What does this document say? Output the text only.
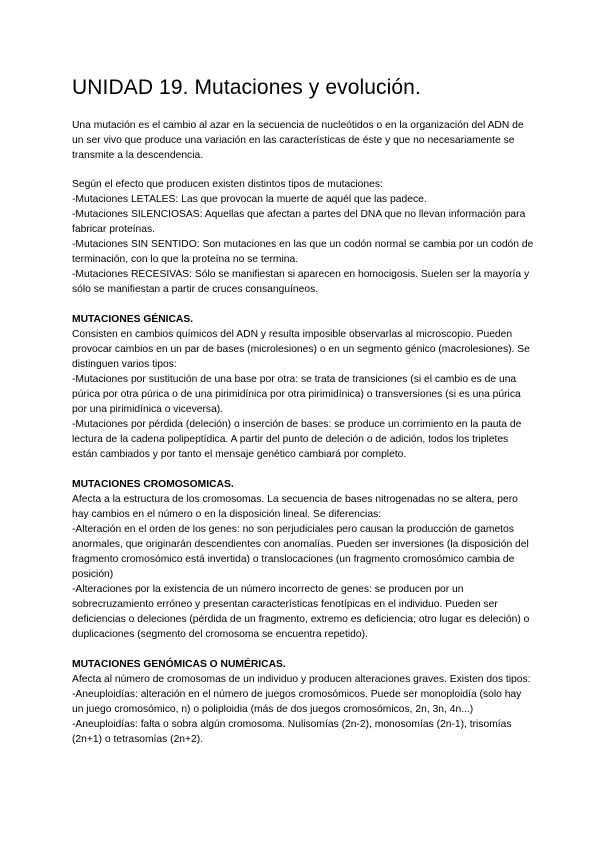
UNIDAD 19. Mutaciones y evolución.

Una mutación es el cambio al azar en la secuencia de nucleótidos o en la organización del ADN de un ser vivo que produce una variación en las características de éste y que no necesariamente se transmite a la descendencia.

Según el efecto que producen existen distintos tipos de mutaciones:

-Mutaciones LETALES: Las que provocan la muerte de aquél que las padece.

-Mutaciones SILENCIOSAS: Aquellas que afectan a partes del DNA que no llevan información para fabricar proteínas.

-Mutaciones SIN SENTIDO: Son mutaciones en las que un codón normal se cambia por un codón de terminación, con lo que la proteína no se termina.

-Mutaciones RECESIVAS: Sólo se manifiestan si aparecen en homocigosis. Suelen ser la mayoría y sólo se manifiestan a partir de cruces consanguíneos.

MUTACIONES GÉNICAS.

Consisten en cambios químicos del ADN y resulta imposible observarlas al microscopio. Pueden provocar cambios en un par de bases (microlesiones) o en un segmento génico (macrolesiones). Se distinguen varios tipos:

-Mutaciones por sustitución de una base por otra: se trata de transiciones (si el cambio es de una púrica por otra púrica o de una pirimidínica por otra pirimidínica) o transversiones (si es una púrica por una pirimidínica o viceversa).

-Mutaciones por pérdida (deleción) o inserción de bases: se produce un corrimiento en la pauta de lectura de la cadena polipeptídica. A partir del punto de deleción o de adición, todos los tripletes están cambiados y por tanto el mensaje genético cambiará por completo.

MUTACIONES CROMOSOMICAS.

Afecta a la estructura de los cromosomas. La secuencia de bases nitrogenadas no se altera, pero hay cambios en el número o en la disposición lineal. Se diferencias:

-Alteración en el orden de los genes: no son perjudiciales pero causan la producción de gametos anormales, que originarán descendientes con anomalías. Pueden ser inversiones (la disposición del fragmento cromosómico está invertida) o translocaciones (un fragmento cromosómico cambia de posición)

-Alteraciones por la existencia de un número incorrecto de genes: se producen por un sobrecruzamiento erróneo y presentan características fenotípicas en el individuo. Pueden ser deficiencias o deleciones (pérdida de un fragmento, extremo es deficiencia; otro lugar es deleción) o duplicaciones (segmento del cromosoma se encuentra repetido).

MUTACIONES GENÓMICAS O NUMÉRICAS.

Afecta al número de cromosomas de un individuo y producen alteraciones graves. Existen dos tipos:

-Aneuploidías: alteración en el número de juegos cromosómicos. Puede ser monoploidía (solo hay un juego cromosómico, n) o poliploidia (más de dos juegos cromosómicos, 2n, 3n, 4n...)

-Aneuploidías: falta o sobra algún cromosoma. Nulisomías (2n-2), monosomías (2n-1), trisomías (2n+1) o tetrasomías (2n+2).
